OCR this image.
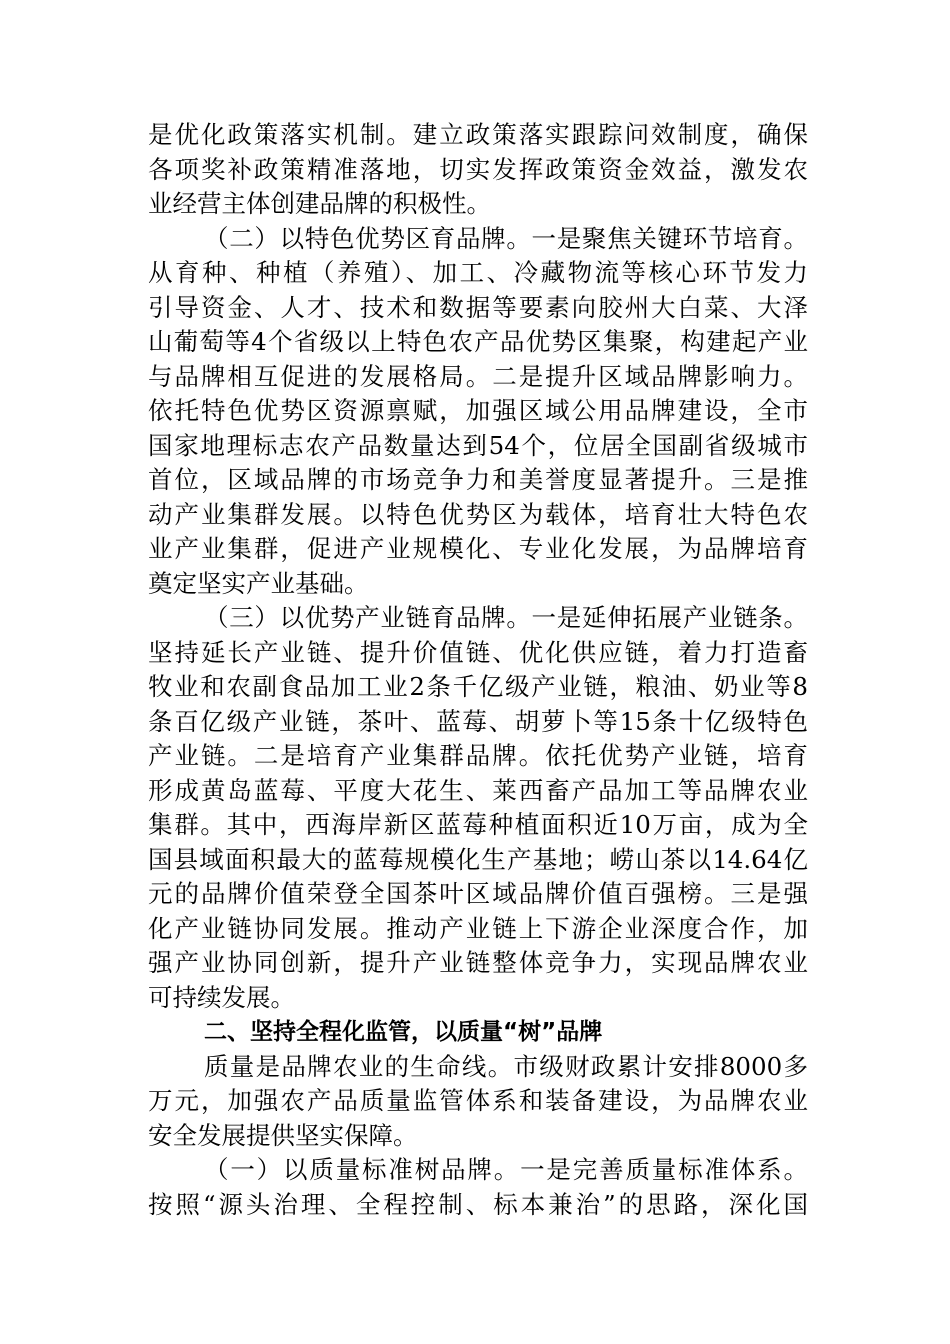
是优化政策落实机制。建立政策落实跟踪问效制度，确保
各项奖补政策精准落地，切实发挥政策资金效益，激发农
业经营主体创建品牌的积极性。
（二）以特色优势区育品牌。一是聚焦关键环节培育。
从育种、种植（养殖）、加工、冷藏物流等核心环节发力
引导资金、人才、技术和数据等要素向胶州大白菜、大泽
山葡萄等4个省级以上特色农产品优势区集聚，构建起产业
与品牌相互促进的发展格局。二是提升区域品牌影响力。
依托特色优势区资源禀赋，加强区域公用品牌建设，全市
国家地理标志农产品数量达到54个，位居全国副省级城市
首位，区域品牌的市场竞争力和美誉度显著提升。三是推
动产业集群发展。以特色优势区为载体，培育壮大特色农
业产业集群，促进产业规模化、专业化发展，为品牌培育
奠定坚实产业基础。
（三）以优势产业链育品牌。一是延伸拓展产业链条。
坚持延长产业链、提升价值链、优化供应链，着力打造畜
牧业和农副食品加工业2条千亿级产业链，粮油、奶业等8
条百亿级产业链，茶叶、蓝莓、胡萝卜等15条十亿级特色
产业链。二是培育产业集群品牌。依托优势产业链，培育
形成黄岛蓝莓、平度大花生、莱西畜产品加工等品牌农业
集群。其中，西海岸新区蓝莓种植面积近10万亩，成为全
国县域面积最大的蓝莓规模化生产基地；崂山茶以14.64亿
元的品牌价值荣登全国茶叶区域品牌价值百强榜。三是强
化产业链协同发展。推动产业链上下游企业深度合作，加
强产业协同创新，提升产业链整体竞争力，实现品牌农业
可持续发展。
二、坚持全程化监管，以质量“树”品牌
质量是品牌农业的生命线。市级财政累计安排8000多
万元，加强农产品质量监管体系和装备建设，为品牌农业
安全发展提供坚实保障。
（一）以质量标准树品牌。一是完善质量标准体系。
按照“源头治理、全程控制、标本兼治”的思路，深化国
